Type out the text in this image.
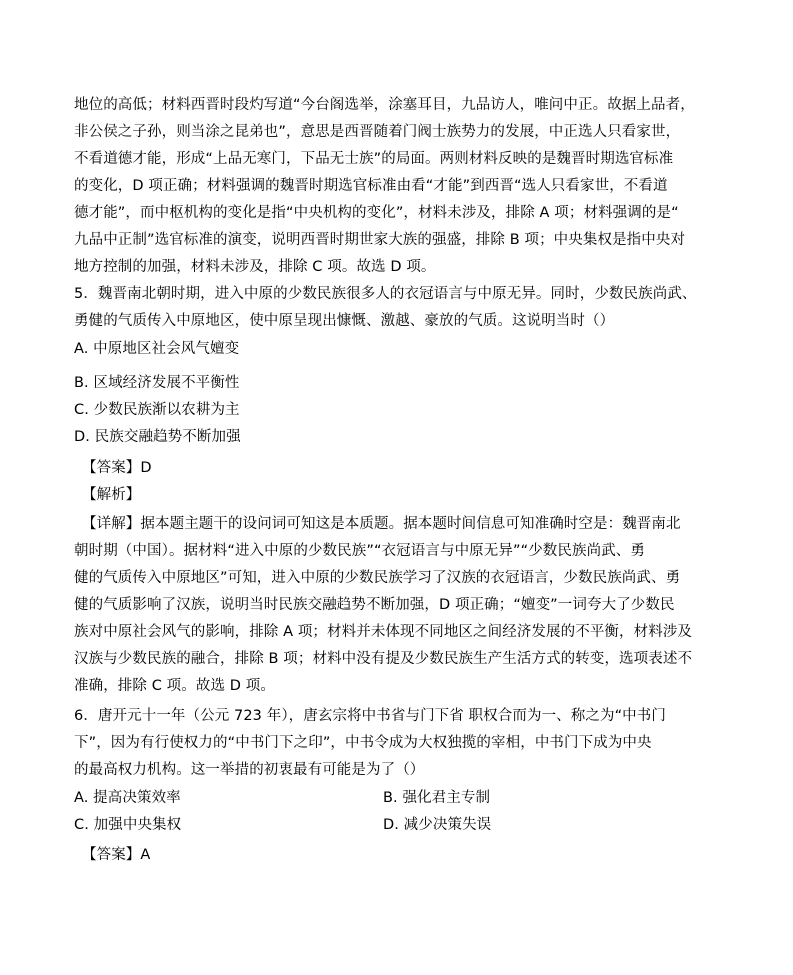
地位的高低；材料西晋时段灼写道“今台阁选举，涂塞耳目，九品访人，唯问中正。故据上品者，
非公侯之子孙，则当涂之昆弟也”，意思是西晋随着门阀士族势力的发展，中正选人只看家世，
不看道德才能，形成“上品无寒门，下品无士族”的局面。两则材料反映的是魏晋时期选官标准
的变化，D 项正确；材料强调的魏晋时期选官标准由看“才能”到西晋“选人只看家世，不看道
德才能”，而中枢机构的变化是指“中央机构的变化”，材料未涉及，排除 A 项；材料强调的是“
九品中正制”选官标准的演变，说明西晋时期世家大族的强盛，排除 B 项；中央集权是指中央对
地方控制的加强，材料未涉及，排除 C 项。故选 D 项。
5．魏晋南北朝时期，进入中原的少数民族很多人的衣冠语言与中原无异。同时，少数民族尚武、
勇健的气质传入中原地区，使中原呈现出慷慨、激越、豪放的气质。这说明当时（）
A. 中原地区社会风气嬗变
B. 区域经济发展不平衡性
C. 少数民族渐以农耕为主
D. 民族交融趋势不断加强
【答案】D
【解析】
【详解】据本题主题干的设问词可知这是本质题。据本题时间信息可知准确时空是：魏晋南北
朝时期（中国）。据材料“进入中原的少数民族”“衣冠语言与中原无异”“少数民族尚武、勇
健的气质传入中原地区”可知，进入中原的少数民族学习了汉族的衣冠语言，少数民族尚武、勇
健的气质影响了汉族，说明当时民族交融趋势不断加强，D 项正确；“嬗变”一词夸大了少数民
族对中原社会风气的影响，排除 A 项；材料并未体现不同地区之间经济发展的不平衡，材料涉及
汉族与少数民族的融合，排除 B 项；材料中没有提及少数民族生产生活方式的转变，选项表述不
准确，排除 C 项。故选 D 项。
6．唐开元十一年（公元 723 年），唐玄宗将中书省与门下省 职权合而为一、称之为“中书门
下”，因为有行使权力的“中书门下之印”，中书令成为大权独揽的宰相，中书门下成为中央
的最高权力机构。这一举措的初衷最有可能是为了（）
A. 提高决策效率	B. 强化君主专制
C. 加强中央集权	D. 减少决策失误
【答案】A
